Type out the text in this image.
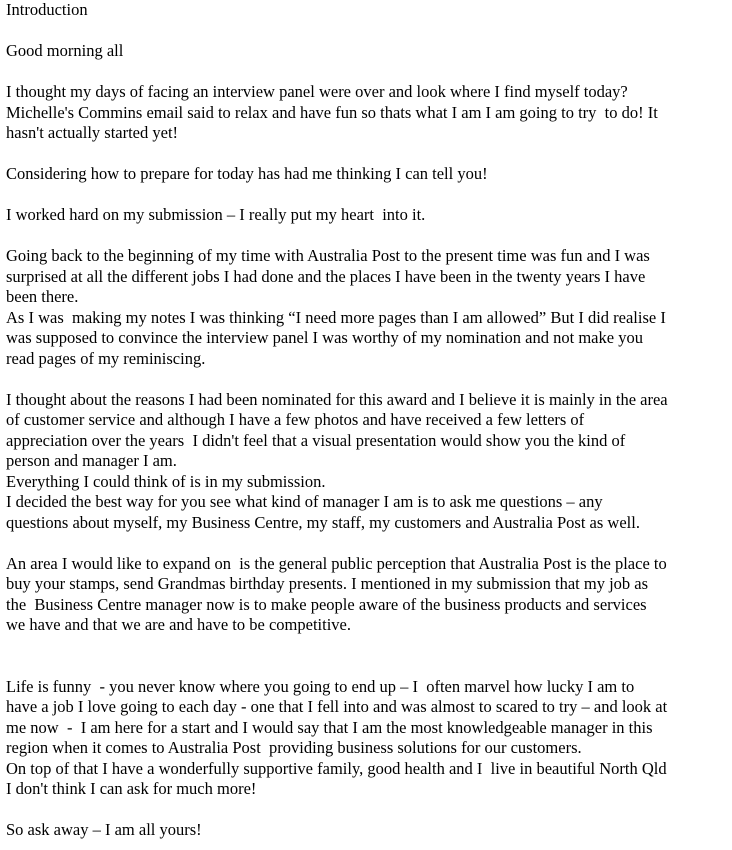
Introduction
Good morning all
I thought my days of facing an interview panel were over and look where I find myself today?
Michelle's Commins email said to relax and have fun so thats what I am I am going to try  to do! It
hasn't actually started yet!
Considering how to prepare for today has had me thinking I can tell you!
I worked hard on my submission – I really put my heart  into it.
Going back to the beginning of my time with Australia Post to the present time was fun and I was
surprised at all the different jobs I had done and the places I have been in the twenty years I have
been there.
As I was  making my notes I was thinking “I need more pages than I am allowed” But I did realise I
was supposed to convince the interview panel I was worthy of my nomination and not make you
read pages of my reminiscing.
I thought about the reasons I had been nominated for this award and I believe it is mainly in the area
of customer service and although I have a few photos and have received a few letters of
appreciation over the years  I didn't feel that a visual presentation would show you the kind of
person and manager I am.
Everything I could think of is in my submission.
I decided the best way for you see what kind of manager I am is to ask me questions – any
questions about myself, my Business Centre, my staff, my customers and Australia Post as well.
An area I would like to expand on  is the general public perception that Australia Post is the place to
buy your stamps, send Grandmas birthday presents. I mentioned in my submission that my job as
the  Business Centre manager now is to make people aware of the business products and services
we have and that we are and have to be competitive.
Life is funny  - you never know where you going to end up – I  often marvel how lucky I am to
have a job I love going to each day - one that I fell into and was almost to scared to try – and look at
me now  -  I am here for a start and I would say that I am the most knowledgeable manager in this
region when it comes to Australia Post  providing business solutions for our customers.
On top of that I have a wonderfully supportive family, good health and I  live in beautiful North Qld
I don't think I can ask for much more!
So ask away – I am all yours!
